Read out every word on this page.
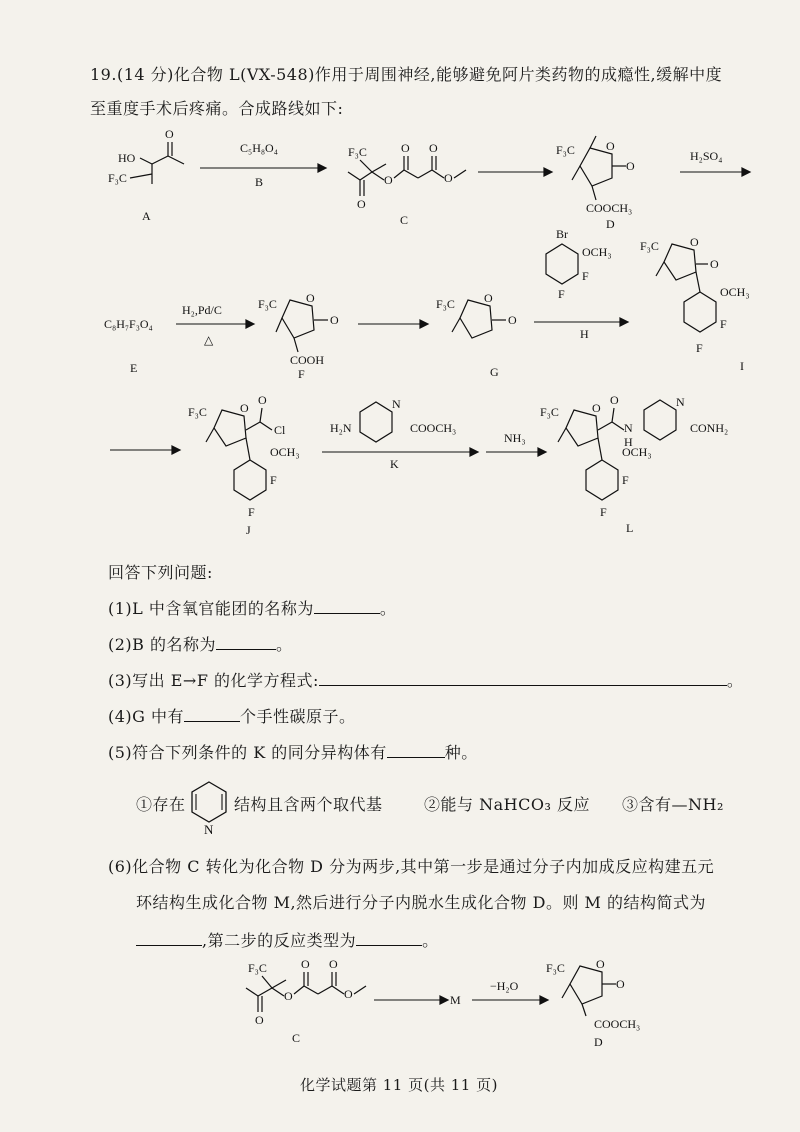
19.(14 分)化合物 L(VX-548)作用于周围神经,能够避免阿片类药物的成瘾性,缓解中度
至重度手术后疼痛。合成路线如下:
HO
F₃C
O
A
C₅H₈O₄
B
F₃C
O
O
O O
O
C
F₃C	O
O
COOCH₃
D
H₂SO₄
C₈H₇F₃O₄
E
H₂,Pd/C
△
F₃C O
O
COOH
F
F₃C O
O
G
Br
OCH₃
F
F
H
F₃C	O
O
OCH₃
F
F
I
F₃C	O
O
Cl
OCH₃
F
F
J
H₂N
N
COOCH₃
K
NH₃
F₃C	O
O
N
H
N
CONH₂
OCH₃
F
F
L
回答下列问题:
(1)L 中含氧官能团的名称为	。
(2)B 的名称为	。
(3)写出 E→F 的化学方程式:	。
(4)G 中有	个手性碳原子。
(5)符合下列条件的 K 的同分异构体有	种。
①存在
N
结构且含两个取代基	②能与 NaHCO₃ 反应 ③含有—NH₂
(6)化合物 C 转化为化合物 D 分为两步,其中第一步是通过分子内加成反应构建五元
环结构生成化合物 M,然后进行分子内脱水生成化合物 D。则 M 的结构简式为
,第二步的反应类型为	。
F₃C
O
O
O O
O
C
M
−H₂O
F₃C	O
O
COOCH₃
D
化学试题第 11 页(共 11 页)
